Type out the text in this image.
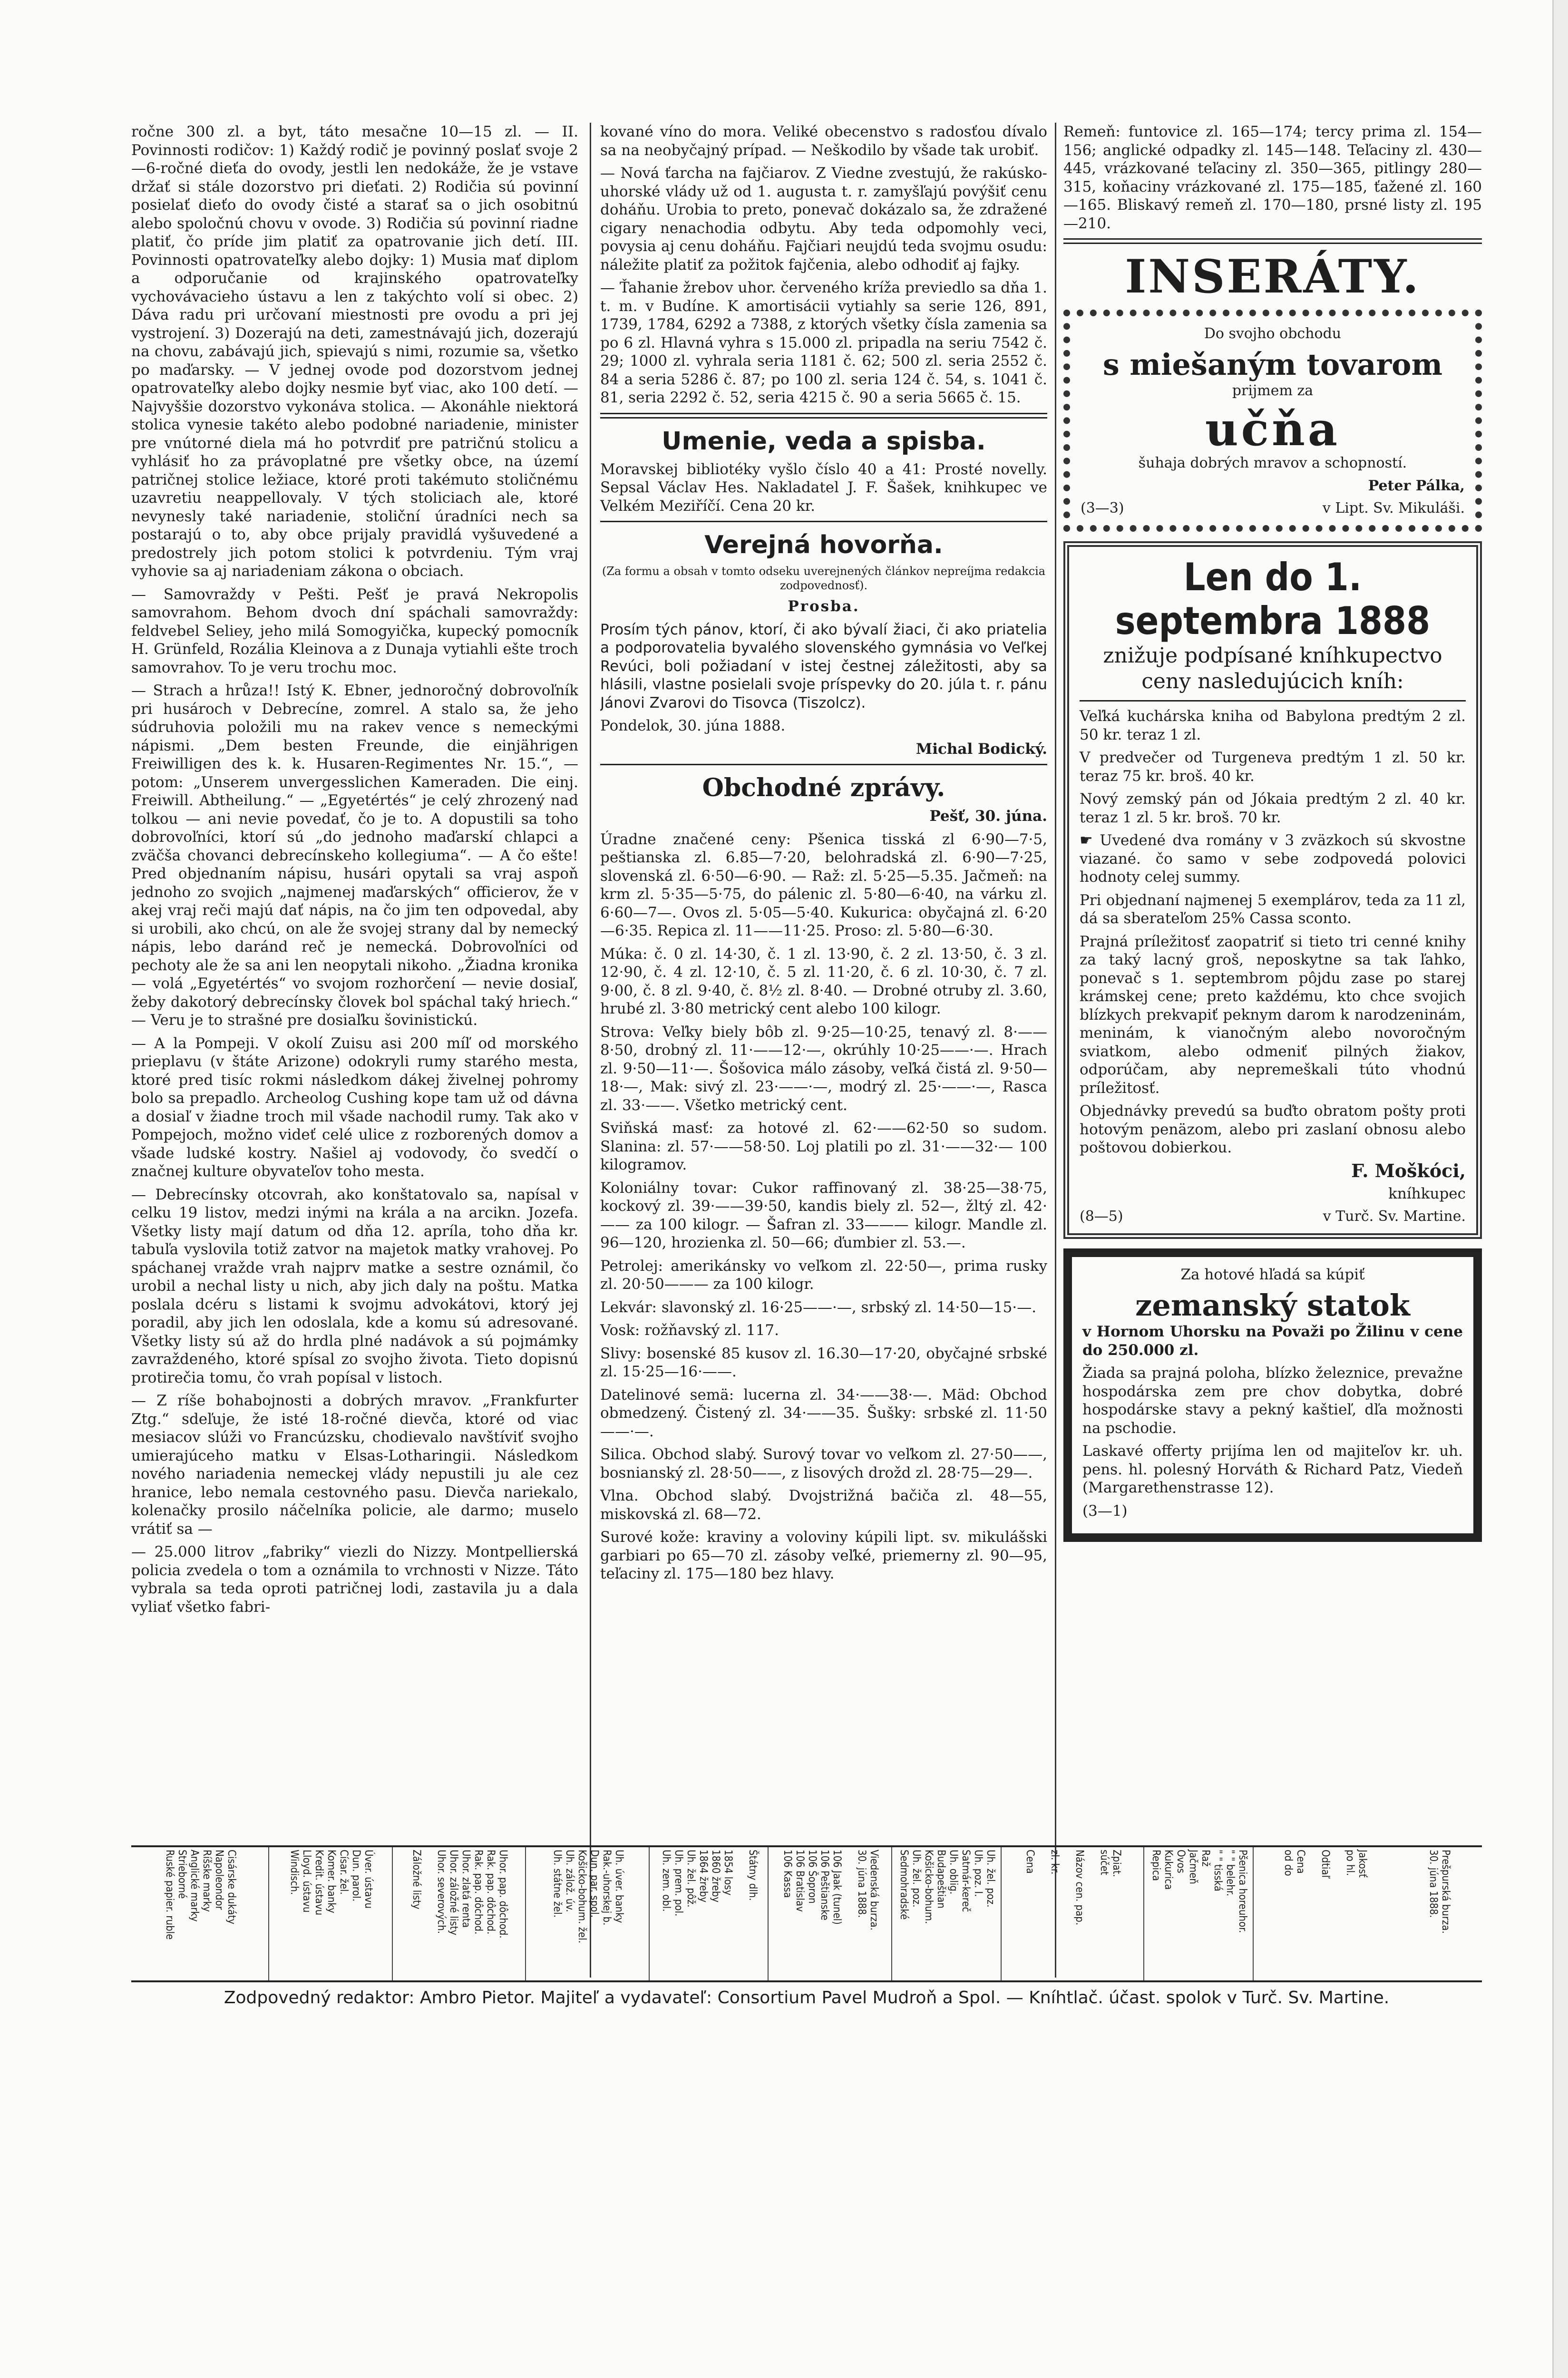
ročne 300 zl. a byt, táto mesačne 10—15 zl. — II. Povinnosti rodičov: 1) Každý rodič je povinný poslať svoje 2—6-ročné dieťa do ovody, jestli len nedokáže, že je vstave držať si stále dozorstvo pri dieťati. 2) Rodičia sú povinní posielať dieťo do ovody čisté a starať sa o jich osobitnú alebo spoločnú chovu v ovode. 3) Rodičia sú povinní riadne platiť, čo príde jim platiť za opatrovanie jich detí. III. Povinnosti opatrovateľky alebo dojky: 1) Musia mať diplom a odporučanie od krajinského opatrovateľky vychovávacieho ústavu a len z takýchto volí si obec. 2) Dáva radu pri určovaní miestnosti pre ovodu a pri jej vystrojení. 3) Dozerajú na deti, zamestnávajú jich, dozerajú na chovu, zabávajú jich, spievajú s nimi, rozumie sa, všetko po maďarsky. — V jednej ovode pod dozorstvom jednej opatrovateľky alebo dojky nesmie byť viac, ako 100 detí. — Najvyššie dozorstvo vykonáva stolica. — Akonáhle niektorá stolica vynesie takéto alebo podobné nariadenie, minister pre vnútorné diela má ho potvrdiť pre patričnú stolicu a vyhlásiť ho za právoplatné pre všetky obce, na území patričnej stolice ležiace, ktoré proti takémuto stoličnému uzavretiu neappellovaly. V tých stoliciach ale, ktoré nevynesly také nariadenie, stoliční úradníci nech sa postarajú o to, aby obce prijaly pravidlá vyšuvedené a predostrely jich potom stolici k potvrdeniu. Tým vraj vyhovie sa aj nariadeniam zákona o obciach.

— Samovraždy v Pešti. Pešť je pravá Nekropolis samovrahom. Behom dvoch dní spáchali samovraždy: feldvebel Seliey, jeho milá Somogyička, kupecký pomocník H. Grünfeld, Rozália Kleinova a z Dunaja vytiahli ešte troch samovrahov. To je veru trochu moc.

— Strach a hrůza!! Istý K. Ebner, jednoročný dobrovoľník pri husároch v Debrecíne, zomrel. A stalo sa, že jeho súdruhovia položili mu na rakev vence s nemeckými nápismi. „Dem besten Freunde, die einjährigen Freiwilligen des k. k. Husaren-Regimentes Nr. 15.“, — potom: „Unserem unvergesslichen Kameraden. Die einj. Freiwill. Abtheilung.“ — „Egyetértés“ je celý zhrozený nad tolkou — ani nevie povedať, čo je to. A dopustili sa toho dobrovoľníci, ktorí sú „do jednoho maďarskí chlapci a zväčša chovanci debrecínskeho kollegiuma“. — A čo ešte! Pred objednaním nápisu, husári opytali sa vraj aspoň jednoho zo svojich „najmenej maďarských“ officierov, že v akej vraj reči majú dať nápis, na čo jim ten odpovedal, aby si urobili, ako chcú, on ale že svojej strany dal by nemecký nápis, lebo daránd reč je nemecká. Dobrovoľníci od pechoty ale že sa ani len neopytali nikoho. „Žiadna kronika — volá „Egyetértés“ vo svojom rozhorčení — nevie dosiaľ, žeby dakotorý debrecínsky človek bol spáchal taký hriech.“ — Veru je to strašné pre dosiaľku šovinistickú.

— A la Pompeji. V okolí Zuisu asi 200 míľ od morského prieplavu (v štáte Arizone) odokryli rumy starého mesta, ktoré pred tisíc rokmi následkom dákej živelnej pohromy bolo sa prepadlo. Archeolog Cushing kope tam už od dávna a dosiaľ v žiadne troch mil všade nachodil rumy. Tak ako v Pompejoch, možno videť celé ulice z rozborených domov a všade ludské kostry. Našiel aj vodovody, čo svedčí o značnej kulture obyvateľov toho mesta.

— Debrecínsky otcovrah, ako konštatovalo sa, napísal v celku 19 listov, medzi inými na krála a na arcikn. Jozefa. Všetky listy mají datum od dňa 12. apríla, toho dňa kr. tabuľa vyslovila totiž zatvor na majetok matky vrahovej. Po spáchanej vražde vrah najprv matke a sestre oznámil, čo urobil a nechal listy u nich, aby jich daly na poštu. Matka poslala dcéru s listami k svojmu advokátovi, ktorý jej poradil, aby jich len odoslala, kde a komu sú adresované. Všetky listy sú až do hrdla plné nadávok a sú pojmámky zavraždeného, ktoré spísal zo svojho života. Tieto dopisnú protirečia tomu, čo vrah popísal v listoch.

— Z ríše bohabojnosti a dobrých mravov. „Frankfurter Ztg.“ sdeľuje, že isté 18-ročné dievča, ktoré od viac mesiacov slúži vo Francúzsku, chodievalo navštíviť svojho umierajúceho matku v Elsas-Lotharingii. Následkom nového nariadenia nemeckej vlády nepustili ju ale cez hranice, lebo nemala cestovného pasu. Dievča nariekalo, kolenačky prosilo náčelníka policie, ale darmo; muselo vrátiť sa —

— 25.000 litrov „fabriky“ viezli do Nizzy. Montpellierská policia zvedela o tom a oznámila to vrchnosti v Nizze. Táto vybrala sa teda oproti patričnej lodi, zastavila ju a dala vyliať všetko fabri-

kované víno do mora. Veliké obecenstvo s radosťou dívalo sa na neobyčajný prípad. — Neškodilo by všade tak urobiť.

— Nová ťarcha na fajčiarov. Z Viedne zvestujú, že rakúsko-uhorské vlády už od 1. augusta t. r. zamyšľajú povýšiť cenu doháňu. Urobia to preto, ponevač dokázalo sa, že zdražené cigary nenachodia odbytu. Aby teda odpomohly veci, povysia aj cenu doháňu. Fajčiari neujdú teda svojmu osudu: náležite platiť za požitok fajčenia, alebo odhodiť aj fajky.

— Ťahanie žrebov uhor. červeného kríža previedlo sa dňa 1. t. m. v Budíne. K amortisácii vytiahly sa serie 126, 891, 1739, 1784, 6292 a 7388, z ktorých všetky čísla zamenia sa po 6 zl. Hlavná vyhra s 15.000 zl. pripadla na seriu 7542 č. 29; 1000 zl. vyhrala seria 1181 č. 62; 500 zl. seria 2552 č. 84 a seria 5286 č. 87; po 100 zl. seria 124 č. 54, s. 1041 č. 81, seria 2292 č. 52, seria 4215 č. 90 a seria 5665 č. 15.

Umenie, veda a spisba.

Moravskej bibliotéky vyšlo číslo 40 a 41: Prosté novelly. Sepsal Václav Hes. Nakladatel J. F. Šašek, knihkupec ve Velkém Meziříčí. Cena 20 kr.

Verejná hovorňa.

(Za formu a obsah v tomto odseku uverejnených článkov nepreíjma redakcia zodpovednosť).

Prosba.

Prosím tých pánov, ktorí, či ako bývalí žiaci, či ako priatelia a podporovatelia byvalého slovenského gymnásia vo Veľkej Revúci, boli požiadaní v istej čestnej záležitosti, aby sa hlásili, vlastne posielali svoje príspevky do 20. júla t. r. pánu Jánovi Zvarovi do Tisovca (Tiszolcz).

Pondelok, 30. júna 1888.

Michal Bodický.

Obchodné zprávy.

Pešť, 30. júna.

Úradne značené ceny: Pšenica tisská zl 6·90—7·5, peštianska zl. 6.85—7·20, belohradská zl. 6·90—7·25, slovenská zl. 6·50—6·90. — Raž: zl. 5·25—5.35. Jačmeň: na krm zl. 5·35—5·75, do pálenic zl. 5·80—6·40, na várku zl. 6·60—7—. Ovos zl. 5·05—5·40. Kukurica: obyčajná zl. 6·20—6·35. Repica zl. 11——11·25. Proso: zl. 5·80—6·30.

Múka: č. 0 zl. 14·30, č. 1 zl. 13·90, č. 2 zl. 13·50, č. 3 zl. 12·90, č. 4 zl. 12·10, č. 5 zl. 11·20, č. 6 zl. 10·30, č. 7 zl. 9·00, č. 8 zl. 9·40, č. 8½ zl. 8·40. — Drobné otruby zl. 3.60, hrubé zl. 3·80 metrický cent alebo 100 kilogr.

Strova: Veľky biely bôb zl. 9·25—10·25, tenavý zl. 8·——8·50, drobný zl. 11·——12·—, okrúhly 10·25——·—. Hrach zl. 9·50—11·—. Šošovica málo zásoby, veľká čistá zl. 9·50—18·—, Mak: sivý zl. 23·——·—, modrý zl. 25·——·—, Rasca zl. 33·——. Všetko metrický cent.

Sviňská masť: za hotové zl. 62·——62·50 so sudom. Slanina: zl. 57·——58·50. Loj platili po zl. 31·——32·— 100 kilogramov.

Koloniálny tovar: Cukor raffinovaný zl. 38·25—38·75, kockový zl. 39·——39·50, kandis biely zl. 52—, žltý zl. 42·—— za 100 kilogr. — Šafran zl. 33——— kilogr. Mandle zl. 96—120, hrozienka zl. 50—66; ďumbier zl. 53.—.

Petrolej: amerikánsky vo veľkom zl. 22·50—, prima rusky zl. 20·50——— za 100 kilogr.

Lekvár: slavonský zl. 16·25——·—, srbský zl. 14·50—15·—.

Vosk: rožňavský zl. 117.

Slivy: bosenské 85 kusov zl. 16.30—17·20, obyčajné srbské zl. 15·25—16·——.

Datelinové semä: lucerna zl. 34·——38·—. Mäd: Obchod obmedzený. Čistený zl. 34·——35. Šušky: srbské zl. 11·50——·—.

Silica. Obchod slabý. Surový tovar vo veľkom zl. 27·50——, bosnianský zl. 28·50——, z lisových drožd zl. 28·75—29—.

Vlna. Obchod slabý. Dvojstrižná bačiča zl. 48—55, miskovská zl. 68—72.

Surové kože: kraviny a voloviny kúpili lipt. sv. mikulášski garbiari po 65—70 zl. zásoby veľké, priemerny zl. 90—95, teľaciny zl. 175—180 bez hlavy.

Remeň: funtovice zl. 165—174; tercy prima zl. 154—156; anglické odpadky zl. 145—148. Teľaciny zl. 430—445, vrázkované teľaciny zl. 350—365, pitlingy 280—315, koňaciny vrázkované zl. 175—185, ťažené zl. 160—165. Bliskavý remeň zl. 170—180, prsné listy zl. 195—210.

INSERÁTY.

Do svojho obchodu

s miešaným tovarom

prijmem za

učňa

šuhaja dobrých mravov a schopností.

Peter Pálka,

(3—3)	v Lipt. Sv. Mikuláši.
Len do 1. septembra 1888
znižuje podpísané kníhkupectvo ceny nasledujúcich kníh:

Veľká kuchárska kniha od Babylona predtým 2 zl. 50 kr. teraz 1 zl.

V predvečer od Turgeneva predtým 1 zl. 50 kr. teraz 75 kr. broš. 40 kr.

Nový zemský pán od Jókaia predtým 2 zl. 40 kr. teraz 1 zl. 5 kr. broš. 70 kr.

☛ Uvedené dva romány v 3 zväzkoch sú skvostne viazané. čo samo v sebe zodpovedá polovici hodnoty celej summy.

Pri objednaní najmenej 5 exemplárov, teda za 11 zl, dá sa sberateľom 25% Cassa sconto.

Prajná príležitosť zaopatriť si tieto tri cenné knihy za taký lacný groš, neposkytne sa tak ľahko, ponevač s 1. septembrom pôjdu zase po starej krámskej cene; preto každému, kto chce svojich blízkych prekvapiť peknym darom k narodzeninám, meninám, k vianočným alebo novoročným sviatkom, alebo odmeniť pilných žiakov, odporúčam, aby nepremeškali túto vhodnú príležitosť.

Objednávky prevedú sa buďto obratom pošty proti hotovým penäzom, alebo pri zaslaní obnosu alebo poštovou dobierkou.

F. Moškóci,

kníhkupec

(8—5)	v Turč. Sv. Martine.

Za hotové hľadá sa kúpiť

zemanský statok

v Hornom Uhorsku na Považi po Žilinu v cene do 250.000 zl.

Žiada sa prajná polohа, blízko železnice, prevažne hospodárska zem pre chov dobytka, dobré hospodárske stavy a pekný kaštieľ, dľa možnosti na pschodie.

Laskavé offerty prijíma len od majiteľov kr. uh. pens. hl. polesný Horváth & Richard Patz, Viedeň (Margarethenstrasse 12).

(3—1)

Prešpurská burza.
30. júna 1888.
Jakosť
po hl.

Odtiaľ

Cena
od do
Pšenica horeuhor.
" " belehr.
" " tisská
Raž
Jačmeň
Ovos
Kukurica
Repica
Zpiat.
súčet

Názov cen. pap.

zl. kr.

Cena
Uh. žel. poz.
Uh. poz. I.
Satmár-kereč
Uh. oblig.
Budapeštian
Košicko-bohum.
Uh. žel. poz.
Sedmohradské
Viedenská burza.
30. júna 1888.

106 Jaak (tunel)
106 Peštianske
106 Šopron
106 Bratislav
106 Kassa
Štátny dlh.

1854 losy
1860 žreby
1864 žreby
Uh. žel. pôž.
Uh. prem. pol.
Uh. zem. obl.
Uh. úver. banky
Rak.-uhorskej b.
Dun. par. spol.
Košicko-bohum. žel.
Uh. zálož. úv.
Uh. státne žel.
Uhor. pap. dôchod.
Rak. pap. dôchod.
Rak. pap. dôchod.
Uhor. zlatá renta
Uhor. záložné listy
Uhor. severových.

Záložné listy
Úver. ústavu
Dun. parol.
Císar. žel.
Komer. banky
Kredit. ústavu
Lloyd. ústavu
Windisch.
Cisárske dukáty
Napoleondor
Ríšske marky
Anglické marky
Strieborné
Ruské papier. ruble
Zodpovedný redaktor: Ambro Pietor. Majiteľ a vydavateľ: Consortium Pavel Mudroň a Spol. — Kníhtlač. účast. spolok v Turč. Sv. Martine.
